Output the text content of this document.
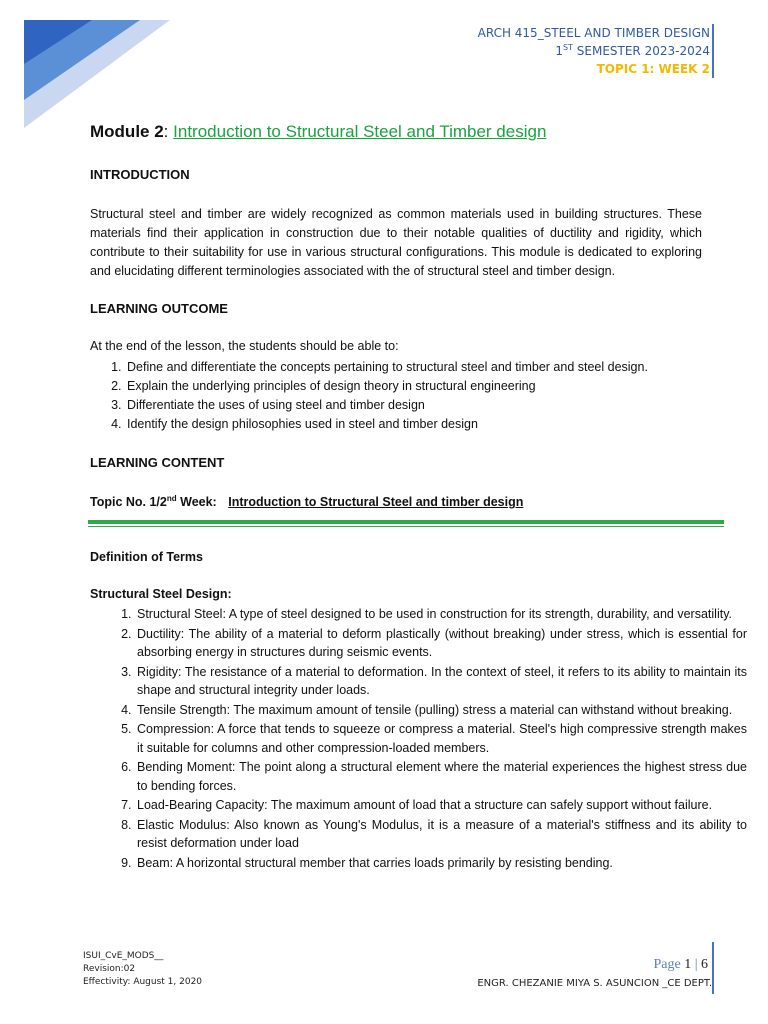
ARCH 415_STEEL AND TIMBER DESIGN
1ST SEMESTER 2023-2024
TOPIC 1: WEEK 2
Module 2: Introduction to Structural Steel and Timber design
INTRODUCTION

Structural steel and timber are widely recognized as common materials used in building structures. These materials find their application in construction due to their notable qualities of ductility and rigidity, which contribute to their suitability for use in various structural configurations. This module is dedicated to exploring and elucidating different terminologies associated with the of structural steel and timber design.

LEARNING OUTCOME
At the end of the lesson, the students should be able to:
1. Define and differentiate the concepts pertaining to structural steel and timber and steel design.
2. Explain the underlying principles of design theory in structural engineering
3. Differentiate the uses of using steel and timber design
4. Identify the design philosophies used in steel and timber design
LEARNING CONTENT
Topic No. 1/2nd Week: Introduction to Structural Steel and timber design
Definition of Terms
Structural Steel Design:
1. Structural Steel: A type of steel designed to be used in construction for its strength, durability, and versatility.
2. Ductility: The ability of a material to deform plastically (without breaking) under stress, which is essential for absorbing energy in structures during seismic events.
3. Rigidity: The resistance of a material to deformation. In the context of steel, it refers to its ability to maintain its shape and structural integrity under loads.
4. Tensile Strength: The maximum amount of tensile (pulling) stress a material can withstand without breaking.
5. Compression: A force that tends to squeeze or compress a material. Steel's high compressive strength makes it suitable for columns and other compression-loaded members.
6. Bending Moment: The point along a structural element where the material experiences the highest stress due to bending forces.
7. Load-Bearing Capacity: The maximum amount of load that a structure can safely support without failure.
8. Elastic Modulus: Also known as Young's Modulus, it is a measure of a material's stiffness and its ability to resist deformation under load
9. Beam: A horizontal structural member that carries loads primarily by resisting bending.
ISUI_CvE_MODS__
Revision:02
Effectivity: August 1, 2020
Page 1 | 6
ENGR. CHEZANIE MIYA S. ASUNCION _CE DEPT.
